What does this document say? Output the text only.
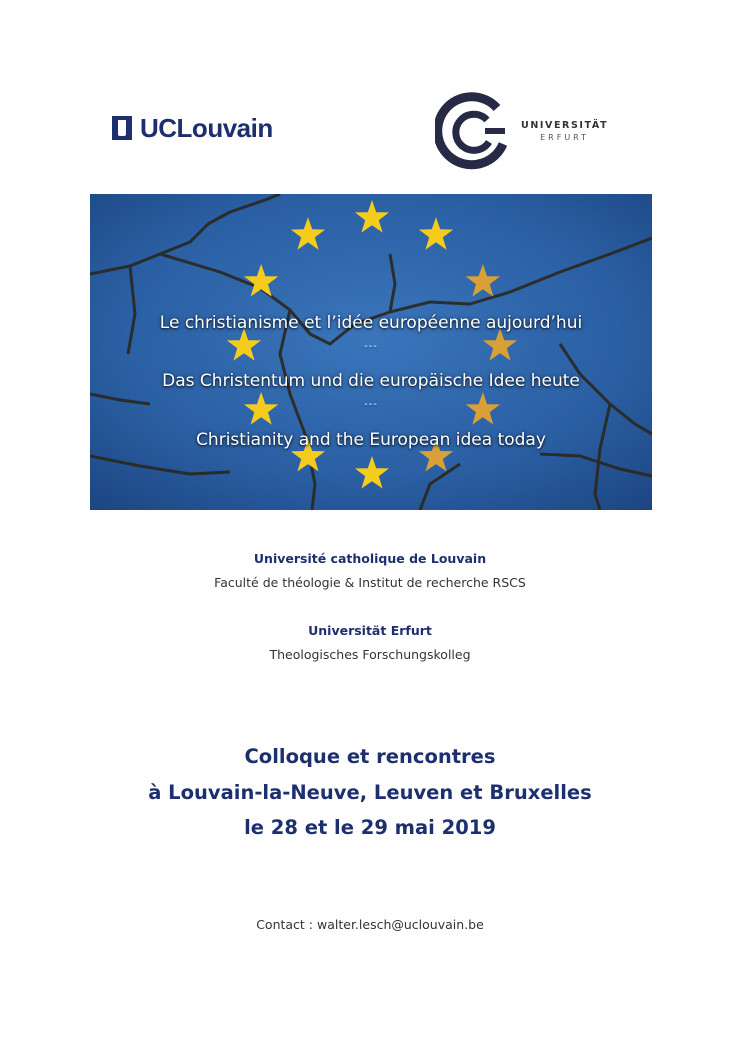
UCLouvain	UNIVERSITÄT
ERFURT
Le christianisme et l’idée européenne aujourd’hui
---
Das Christentum und die europäische Idee heute
---
Christianity and the European idea today
Université catholique de Louvain
Faculté de théologie & Institut de recherche RSCS
Universität Erfurt
Theologisches Forschungskolleg
Colloque et rencontres
à Louvain-la-Neuve, Leuven et Bruxelles
le 28 et le 29 mai 2019
Contact : walter.lesch@uclouvain.be
